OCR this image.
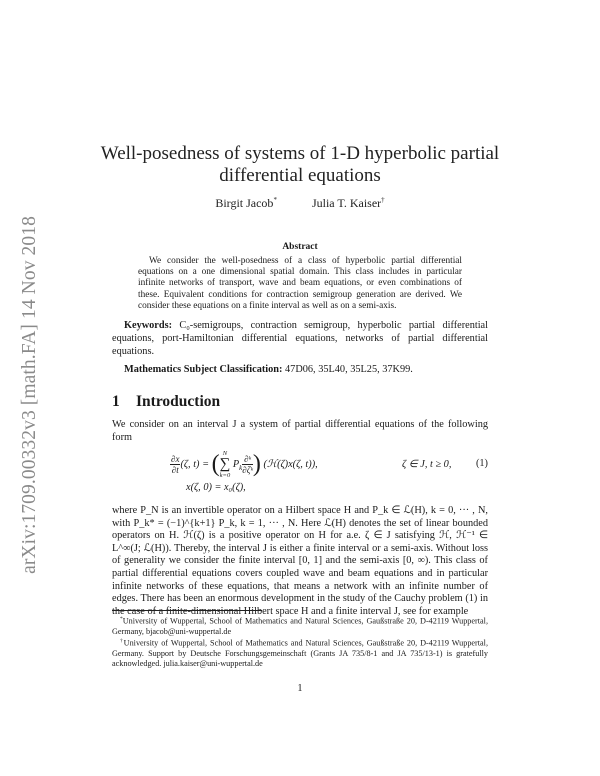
arXiv:1709.00332v3 [math.FA] 14 Nov 2018
Well-posedness of systems of 1-D hyperbolic partial differential equations
Birgit Jacob*	Julia T. Kaiser†
Abstract
We consider the well-posedness of a class of hyperbolic partial differential equations on a one dimensional spatial domain. This class includes in particular infinite networks of transport, wave and beam equations, or even combinations of these. Equivalent conditions for contraction semigroup generation are derived. We consider these equations on a finite interval as well as on a semi-axis.
Keywords: C₀-semigroups, contraction semigroup, hyperbolic partial differential equations, port-Hamiltonian differential equations, networks of partial differential equations.
Mathematics Subject Classification: 47D06, 35L40, 35L25, 37K99.
1 Introduction
We consider on an interval J a system of partial differential equations of the following form
$\frac{\partial x}{\partial t} (\zeta$, t) = ( N
∑
k=0
$P_k \frac{\text{∂ᵏ}}{\text{∂ζᵏ}}$ ) (ℋ(ζ)x(ζ, t)),	ζ ∈ J, t ≥ 0, (1)
x(ζ, 0) = x₀(ζ),
where P_N is an invertible operator on a Hilbert space H and P_k ∈ ℒ(H), k = 0, ··· , N, with P_k* = (−1)^{k+1} P_k, k = 1, ··· , N. Here ℒ(H) denotes the set of linear bounded operators on H. ℋ(ζ) is a positive operator on H for a.e. ζ ∈ J satisfying ℋ, ℋ⁻¹ ∈ L^∞(J; ℒ(H)). Thereby, the interval J is either a finite interval or a semi-axis. Without loss of generality we consider the finite interval [0, 1] and the semi-axis [0, ∞). This class of partial differential equations covers coupled wave and beam equations and in particular infinite networks of these equations, that means a network with an infinite number of edges. There has been an enormous development in the study of the Cauchy problem (1) in the case of a finite-dimensional Hilbert space H and a finite interval J, see for example
*University of Wuppertal, School of Mathematics and Natural Sciences, Gaußstraße 20, D-42119 Wuppertal, Germany, bjacob@uni-wuppertal.de
†University of Wuppertal, School of Mathematics and Natural Sciences, Gaußstraße 20, D-42119 Wuppertal, Germany. Support by Deutsche Forschungsgemeinschaft (Grants JA 735/8-1 and JA 735/13-1) is gratefully acknowledged. julia.kaiser@uni-wuppertal.de
1
